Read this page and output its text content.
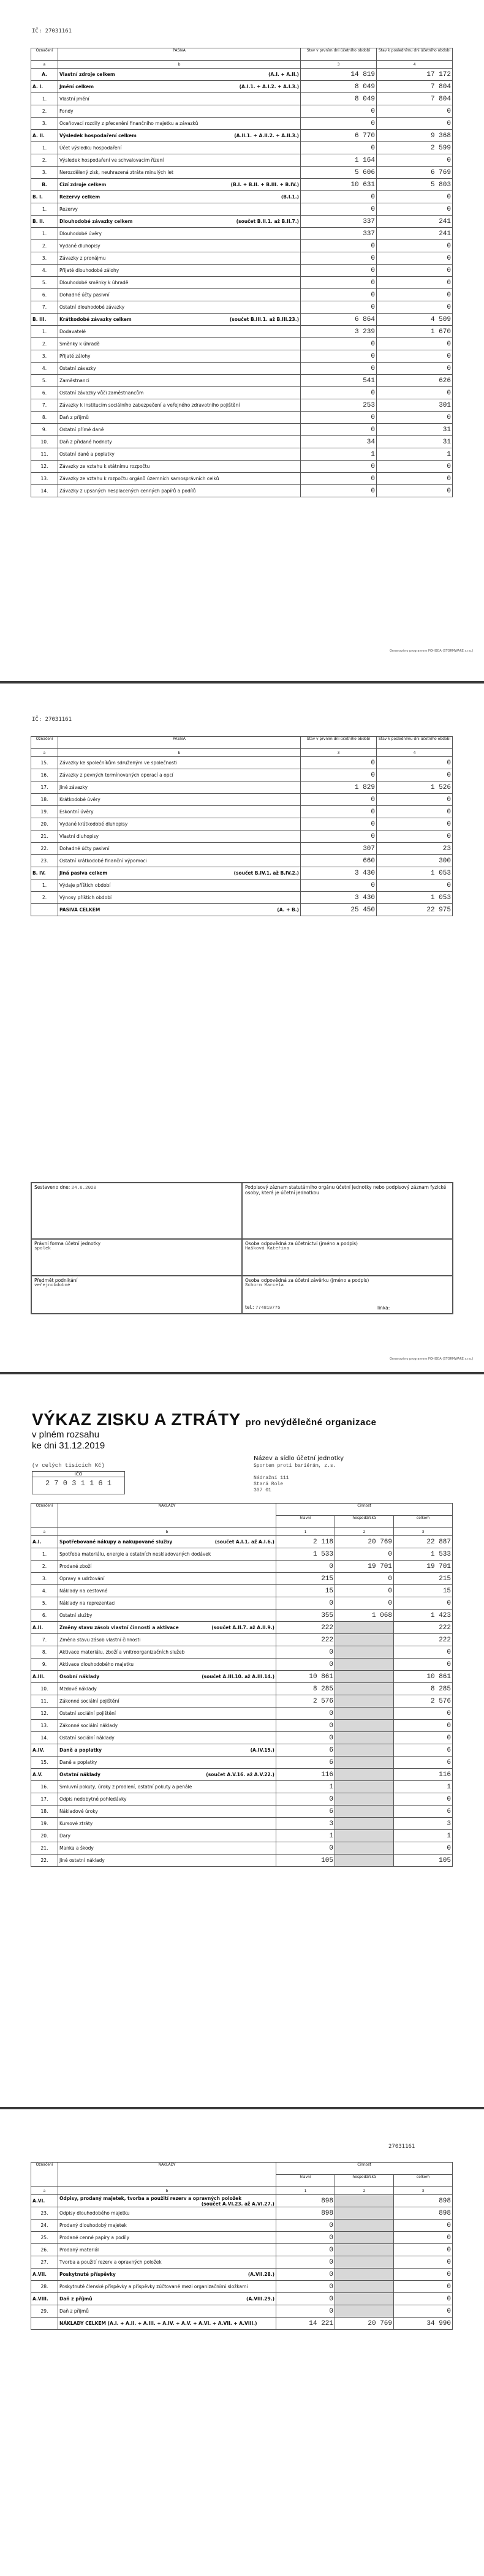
IČ: 27031161
Označení	PASIVA	Stav v prvním dni účetního období	Stav k poslednímu dni účetního období
a	b	3	4
A.	Vlastní zdroje celkem (A.I. + A.II.)	14 819	17 172
A. I.	Jmění celkem (A.I.1. + A.I.2. + A.I.3.)	8 049	7 804
1.	Vlastní jmění	8 049	7 804
2.	Fondy	0	0
3.	Oceňovací rozdíly z přecenění finančního majetku a závazků	0	0
A. II.	Výsledek hospodaření celkem (A.II.1. + A.II.2. + A.II.3.)	6 770	9 368
1.	Účet výsledku hospodaření	0	2 599
2.	Výsledek hospodaření ve schvalovacím řízení	1 164	0
3.	Nerozdělený zisk, neuhrazená ztráta minulých let	5 606	6 769
B.	Cizí zdroje celkem (B.I. + B.II. + B.III. + B.IV.)	10 631	5 803
B. I.	Rezervy celkem (B.I.1.)	0	0
1.	Rezervy	0	0
B. II.	Dlouhodobé závazky celkem (součet B.II.1. až B.II.7.)	337	241
1.	Dlouhodobé úvěry	337	241
2.	Vydané dluhopisy	0	0
3.	Závazky z pronájmu	0	0
4.	Přijaté dlouhodobé zálohy	0	0
5.	Dlouhodobé směnky k úhradě	0	0
6.	Dohadné účty pasivní	0	0
7.	Ostatní dlouhodobé závazky	0	0
B. III.	Krátkodobé závazky celkem (součet B.III.1. až B.III.23.)	6 864	4 509
1.	Dodavatelé	3 239	1 670
2.	Směnky k úhradě	0	0
3.	Přijaté zálohy	0	0
4.	Ostatní závazky	0	0
5.	Zaměstnanci	541	626
6.	Ostatní závazky vůči zaměstnancům	0	0
7.	Závazky k institucím sociálního zabezpečení a veřejného zdravotního pojištění	253	301
8.	Daň z příjmů	0	0
9.	Ostatní přímé daně	0	31
10.	Daň z přidané hodnoty	34	31
11.	Ostatní daně a poplatky	1	1
12.	Závazky ze vztahu k státnímu rozpočtu	0	0
13.	Závazky ze vztahu k rozpočtu orgánů územních samosprávních celků	0	0
14.	Závazky z upsaných nesplacených cenných papírů a podílů	0	0
Generováno programem POHODA (STORMWARE s.r.o.)
IČ: 27031161
Označení	PASIVA	Stav v prvním dni účetního období	Stav k poslednímu dni účetního období
a	b	3	4
15.	Závazky ke společníkům sdruženým ve společnosti	0	0
16.	Závazky z pevných termínovaných operací a opcí	0	0
17.	Jiné závazky	1 829	1 526
18.	Krátkodobé úvěry	0	0
19.	Eskontní úvěry	0	0
20.	Vydané krátkodobé dluhopisy	0	0
21.	Vlastní dluhopisy	0	0
22.	Dohadné účty pasivní	307	23
23.	Ostatní krátkodobé finanční výpomoci	660	300
B. IV.	Jiná pasiva celkem (součet B.IV.1. až B.IV.2.)	3 430	1 053
1.	Výdaje příštích období	0	0
2.	Výnosy příštích období	3 430	1 053
	PASIVA CELKEM (A. + B.)	25 450	22 975
Sestaveno dne: 24.6.2020	Podpisový záznam statutárního orgánu účetní jednotky nebo podpisový záznam fyzické osoby, která je účetní jednotkou
Právní forma účetní jednotky
spolek
Osoba odpovědná za účetnictví (jméno a podpis)
Hašková Kateřina
Předmět podnikání
veřejnobdobné
Osoba odpovědná za účetní závěrku (jméno a podpis)
Schorm Marcela
tel.: 774819775	linka:
Generováno programem POHODA (STORMWARE s.r.o.)
VÝKAZ ZISKU A ZTRÁTY pro nevýdělečné organizace
v plném rozsahu
ke dni 31.12.2019
(v celých tisících Kč)
IČO
2 7 0 3 1 1 6 1
Název a sídlo účetní jednotky
Sportem proti bariérám, z.s.
Nádražní 111
Stará Role
307 01
Označení	NÁKLADY	Činnost		
		hlavní	hospodářská	celkem
a	b	1	2	3
A.I.	Spotřebované nákupy a nakupované služby (součet A.I.1. až A.I.6.)	2 118	20 769	22 887
1.	Spotřeba materiálu, energie a ostatních neskladovaných dodávek	1 533	0	1 533
2.	Prodané zboží	0	19 701	19 701
3.	Opravy a udržování	215	0	215
4.	Náklady na cestovné	15	0	15
5.	Náklady na reprezentaci	0	0	0
6.	Ostatní služby	355	1 068	1 423
A.II.	Změny stavu zásob vlastní činnosti a aktivace (součet A.II.7. až A.II.9.)	222		222
7.	Změna stavu zásob vlastní činnosti	222		222
8.	Aktivace materiálu, zboží a vnitroorganizačních služeb	0		0
9.	Aktivace dlouhodobého majetku	0		0
A.III.	Osobní náklady (součet A.III.10. až A.III.14.)	10 861		10 861
10.	Mzdové náklady	8 285		8 285
11.	Zákonné sociální pojištění	2 576		2 576
12.	Ostatní sociální pojištění	0		0
13.	Zákonné sociální náklady	0		0
14.	Ostatní sociální náklady	0		0
A.IV.	Daně a poplatky (A.IV.15.)	6		6
15.	Daně a poplatky	6		6
A.V.	Ostatní náklady (součet A.V.16. až A.V.22.)	116		116
16.	Smluvní pokuty, úroky z prodlení, ostatní pokuty a penále	1		1
17.	Odpis nedobytné pohledávky	0		0
18.	Nákladové úroky	6		6
19.	Kursové ztráty	3		3
20.	Dary	1		1
21.	Manka a škody	0		0
22.	Jiné ostatní náklady	105		105
27031161
Označení	NÁKLADY	Činnost		
		hlavní	hospodářská	celkem
a	b	1	2	3
A.VI.	Odpisy, prodaný majetek, tvorba a použití rezerv a opravných položek
(součet A.VI.23. až A.VI.27.)	898		898
23.	Odpisy dlouhodobého majetku	898		898
24.	Prodaný dlouhodobý majetek	0		0
25.	Prodané cenné papíry a podíly	0		0
26.	Prodaný materiál	0		0
27.	Tvorba a použití rezerv a opravných položek	0		0
A.VII.	Poskytnuté příspěvky (A.VII.28.)	0		0
28.	Poskytnuté členské příspěvky a příspěvky zúčtované mezi organizačními složkami	0		0
A.VIII.	Daň z příjmů (A.VIII.29.)	0		0
29.	Daň z příjmů	0		0
	NÁKLADY CELKEM (A.I. + A.II. + A.III. + A.IV. + A.V. + A.VI. + A.VII. + A.VIII.)	14 221	20 769	34 990
